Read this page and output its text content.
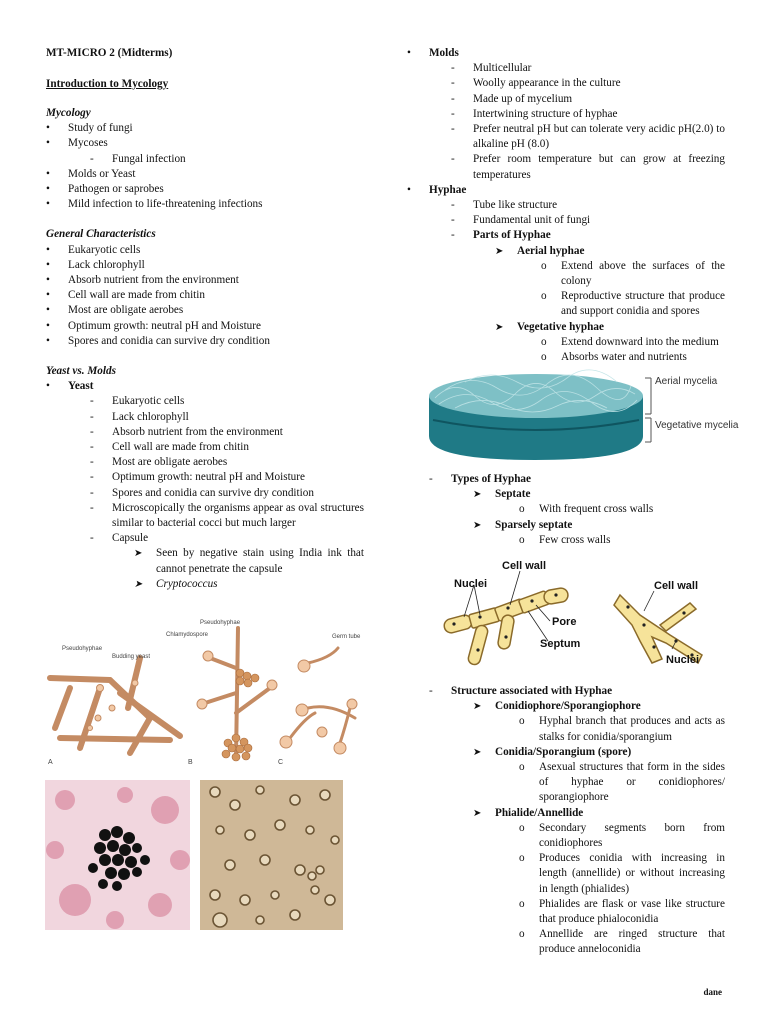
MT-MICRO 2 (Midterms)
Introduction to Mycology
Mycology
• Study of fungi
• Mycoses
- Fungal infection
• Molds or Yeast
• Pathogen or saprobes
• Mild infection to life-threatening infections
General Characteristics
• Eukaryotic cells
• Lack chlorophyll
• Absorb nutrient from the environment
• Cell wall are made from chitin
• Most are obligate aerobes
• Optimum growth: neutral pH and Moisture
• Spores and conidia can survive dry condition
Yeast vs. Molds
• Yeast
- Eukaryotic cells
- Lack chlorophyll
- Absorb nutrient from the environment
- Cell wall are made from chitin
- Most are obligate aerobes
- Optimum growth: neutral pH and Moisture
- Spores and conidia can survive dry condition
- Microscopically the organisms appear as oval structures similar to bacterial cocci but much larger
- Capsule
➤ Seen by negative stain using India ink that cannot penetrate the capsule
➤ Cryptococcus
Pseudohyphae
Budding yeast
A
Pseudohyphae
Chlamydospore
B
Germ tube
C
• Molds
- Multicellular
- Woolly appearance in the culture
- Made up of mycelium
- Intertwining structure of hyphae
- Prefer neutral pH but can tolerate very acidic pH(2.0) to alkaline pH (8.0)
- Prefer room temperature but can grow at freezing temperatures
• Hyphae
- Tube like structure
- Fundamental unit of fungi
- Parts of Hyphae
➤ Aerial hyphae
o Extend above the surfaces of the colony
o Reproductive structure that produce and support conidia and spores
➤ Vegetative hyphae
o Extend downward into the medium
o Absorbs water and nutrients
Aerial mycelia
Vegetative mycelia
- Types of Hyphae
➤ Septate
o With frequent cross walls
➤ Sparsely septate
o Few cross walls
Nuclei
Cell wall
Pore
Septum
Cell wall
Nuclei
- Structure associated with Hyphae
➤ Conidiophore/Sporangiophore
o Hyphal branch that produces and acts as stalks for conidia/sporangium
➤ Conidia/Sporangium (spore)
o Asexual structures that form in the sides of hyphae or conidiophores/ sporangiophore
➤ Phialide/Annellide
o Secondary segments born from conidiophores
o Produces conidia with increasing in length (annellide) or without increasing in length (phialides)
o Phialides are flask or vase like structure that produce phialoconidia
o Annellide are ringed structure that produce anneloconidia
dane
